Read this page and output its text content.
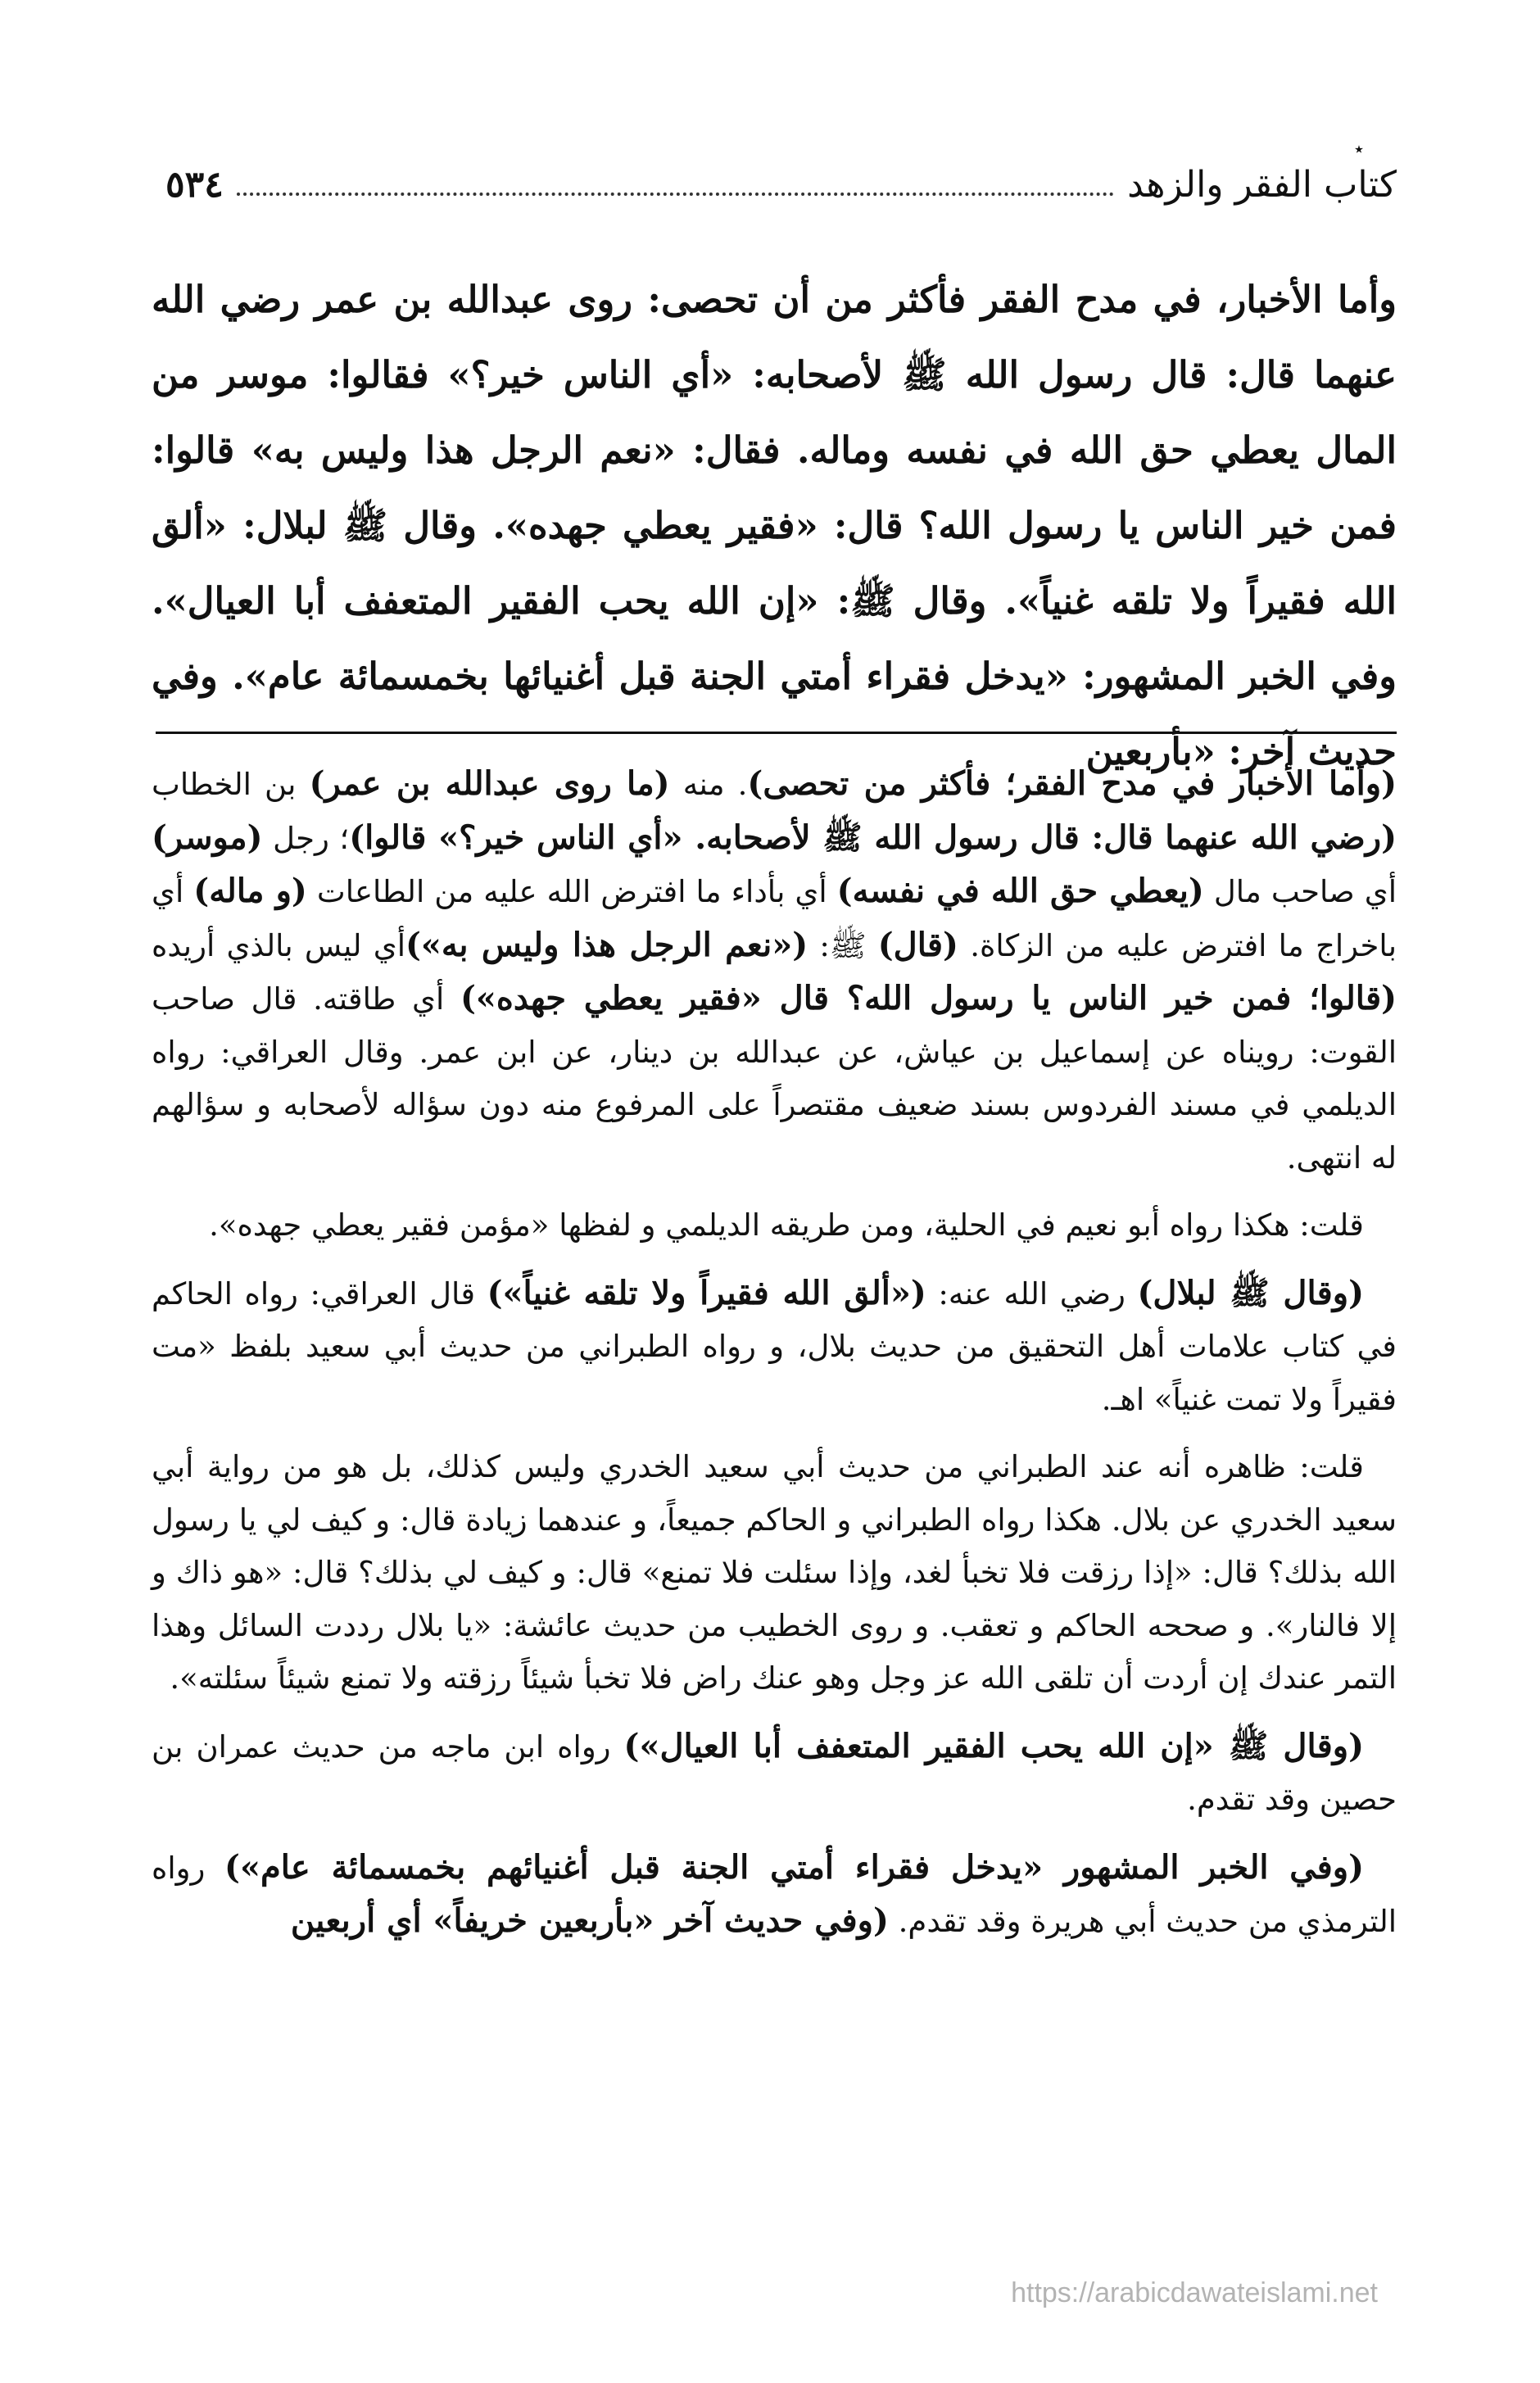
٭
٥٣٤	كتاب الفقر والزهد
وأما الأخبار، في مدح الفقر فأكثر من أن تحصى: روى عبدالله بن عمر رضي الله عنهما قال: قال رسول الله ﷺ لأصحابه: «أي الناس خير؟» فقالوا: موسر من المال يعطي حق الله في نفسه وماله. فقال: «نعم الرجل هذا وليس به» قالوا: فمن خير الناس يا رسول الله؟ قال: «فقير يعطي جهده». وقال ﷺ لبلال: «ألق الله فقيراً ولا تلقه غنياً». وقال ﷺ: «إن الله يحب الفقير المتعفف أبا العيال». وفي الخبر المشهور: «يدخل فقراء أمتي الجنة قبل أغنيائها بخمسمائة عام». وفي حديث آخر: «بأربعين

(وأما الأخبار في مدح الفقر؛ فأكثر من تحصى). منه (ما روى عبدالله بن عمر) بن الخطاب (رضي الله عنهما قال: قال رسول الله ﷺ لأصحابه. «أي الناس خير؟» قالوا)؛ رجل (موسر) أي صاحب مال (يعطي حق الله في نفسه) أي بأداء ما افترض الله عليه من الطاعات (و ماله) أي باخراج ما افترض عليه من الزكاة. (قال) ﷺ: («نعم الرجل هذا وليس به»)أي ليس بالذي أريده (قالوا؛ فمن خير الناس يا رسول الله؟ قال «فقير يعطي جهده») أي طاقته. قال صاحب القوت: رويناه عن إسماعيل بن عياش، عن عبدالله بن دينار، عن ابن عمر. وقال العراقي: رواه الديلمي في مسند الفردوس بسند ضعيف مقتصراً على المرفوع منه دون سؤاله لأصحابه و سؤالهم له انتهى.

قلت: هكذا رواه أبو نعيم في الحلية، ومن طريقه الديلمي و لفظها «مؤمن فقير يعطي جهده».

(وقال ﷺ لبلال) رضي الله عنه: («ألق الله فقيراً ولا تلقه غنياً») قال العراقي: رواه الحاكم في كتاب علامات أهل التحقيق من حديث بلال، و رواه الطبراني من حديث أبي سعيد بلفظ «مت فقيراً ولا تمت غنياً» اهـ.

قلت: ظاهره أنه عند الطبراني من حديث أبي سعيد الخدري وليس كذلك، بل هو من رواية أبي سعيد الخدري عن بلال. هكذا رواه الطبراني و الحاكم جميعاً، و عندهما زيادة قال: و كيف لي يا رسول الله بذلك؟ قال: «إذا رزقت فلا تخبأ لغد، وإذا سئلت فلا تمنع» قال: و كيف لي بذلك؟ قال: «هو ذاك و إلا فالنار». و صححه الحاكم و تعقب. و روى الخطيب من حديث عائشة: «يا بلال رددت السائل وهذا التمر عندك إن أردت أن تلقى الله عز وجل وهو عنك راض فلا تخبأ شيئاً رزقته ولا تمنع شيئاً سئلته».

(وقال ﷺ «إن الله يحب الفقير المتعفف أبا العيال») رواه ابن ماجه من حديث عمران بن حصين وقد تقدم.

(وفي الخبر المشهور «يدخل فقراء أمتي الجنة قبل أغنيائهم بخمسمائة عام») رواه الترمذي من حديث أبي هريرة وقد تقدم. (وفي حديث آخر «بأربعين خريفاً» أي أربعين

https://arabicdawateislami.net
